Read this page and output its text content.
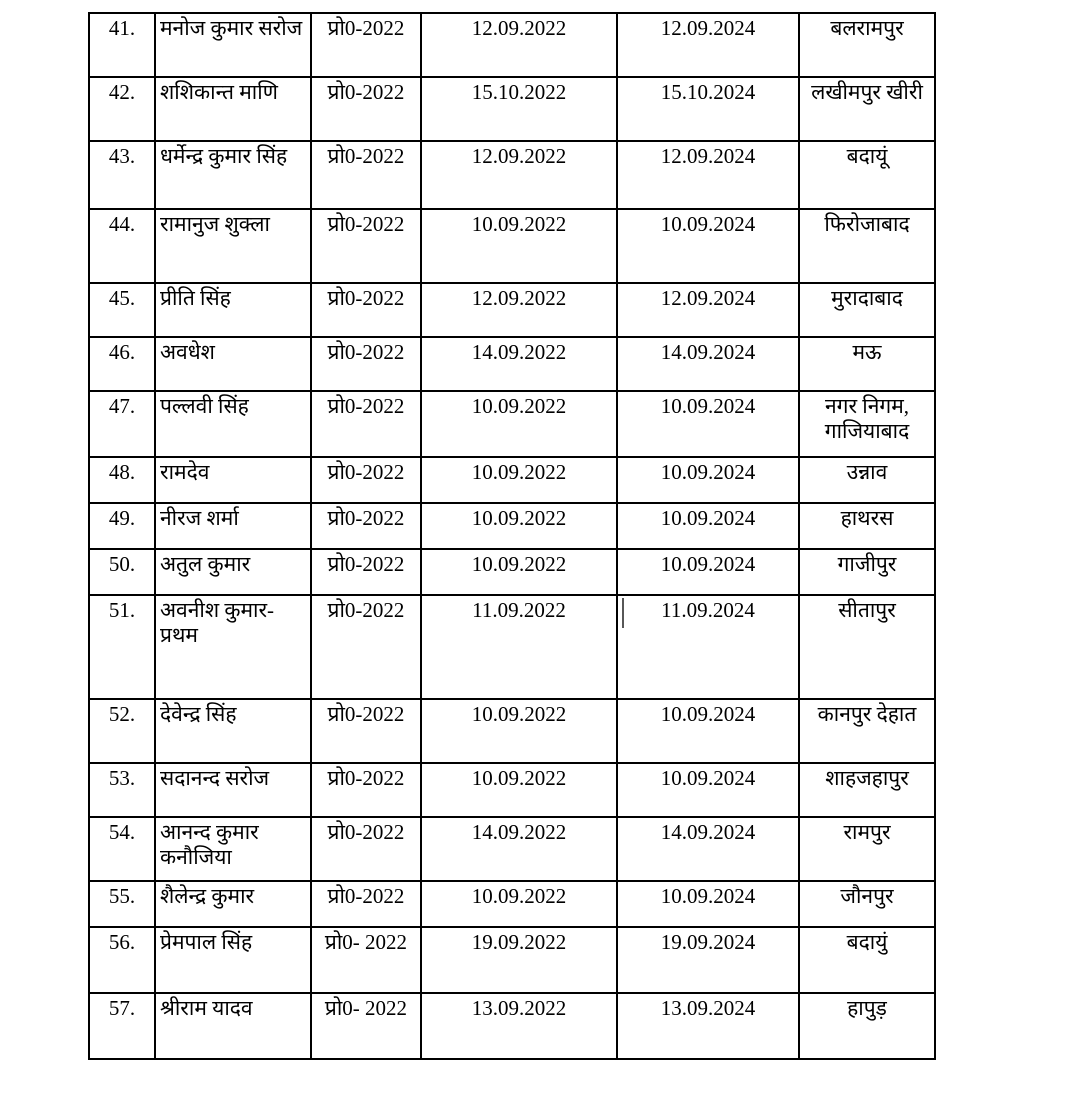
41.	मनोज कुमार सरोज	प्रो0-2022	12.09.2022	12.09.2024	बलरामपुर
42.	शशिकान्त माणि	प्रो0-2022	15.10.2022	15.10.2024	लखीमपुर खीरी
43.	धर्मेन्द्र कुमार सिंह	प्रो0-2022	12.09.2022	12.09.2024	बदायूं
44.	रामानुज शुक्ला	प्रो0-2022	10.09.2022	10.09.2024	फिरोजाबाद
45.	प्रीति सिंह	प्रो0-2022	12.09.2022	12.09.2024	मुरादाबाद
46.	अवधेश	प्रो0-2022	14.09.2022	14.09.2024	मऊ
47.	पल्लवी सिंह	प्रो0-2022	10.09.2022	10.09.2024	नगर निगम, गाजियाबाद
48.	रामदेव	प्रो0-2022	10.09.2022	10.09.2024	उन्नाव
49.	नीरज शर्मा	प्रो0-2022	10.09.2022	10.09.2024	हाथरस
50.	अतुल कुमार	प्रो0-2022	10.09.2022	10.09.2024	गाजीपुर
51.	अवनीश कुमार-प्रथम	प्रो0-2022	11.09.2022	11.09.2024	सीतापुर
52.	देवेन्द्र सिंह	प्रो0-2022	10.09.2022	10.09.2024	कानपुर देहात
53.	सदानन्द सरोज	प्रो0-2022	10.09.2022	10.09.2024	शाहजहापुर
54.	आनन्द कुमार कनौजिया	प्रो0-2022	14.09.2022	14.09.2024	रामपुर
55.	शैलेन्द्र कुमार	प्रो0-2022	10.09.2022	10.09.2024	जौनपुर
56.	प्रेमपाल सिंह	प्रो0- 2022	19.09.2022	19.09.2024	बदायुं
57.	श्रीराम यादव	प्रो0- 2022	13.09.2022	13.09.2024	हापुड़
